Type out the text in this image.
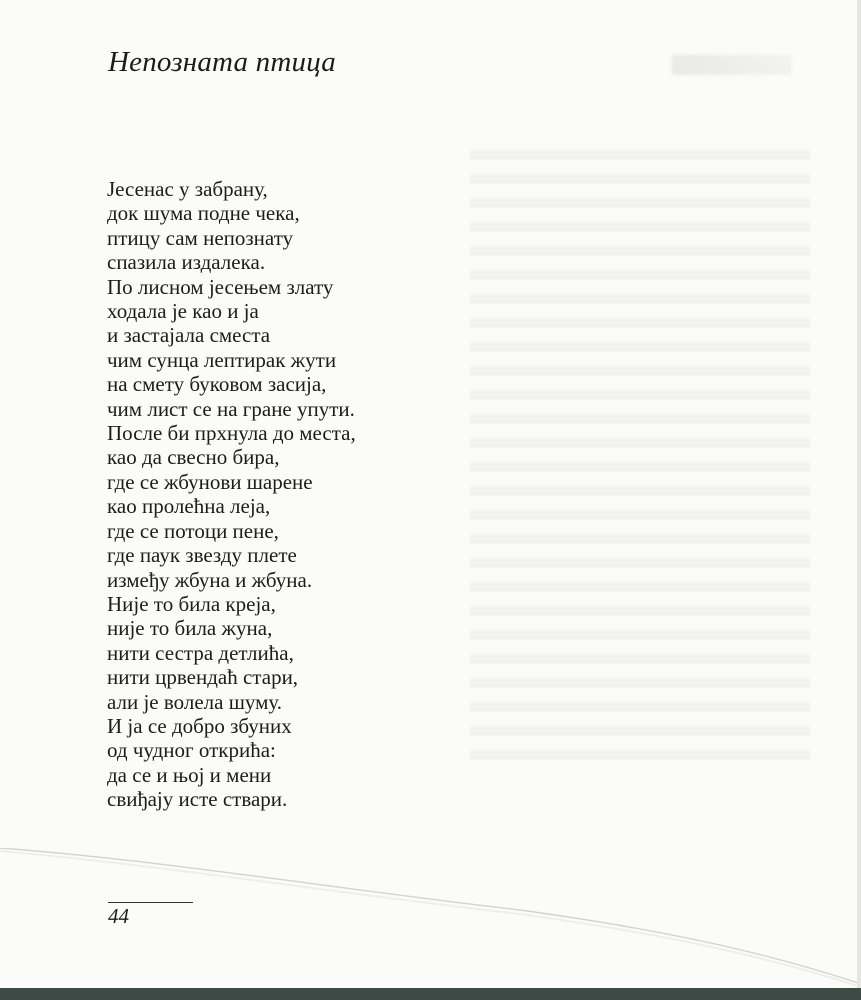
Непозната птица
Јесенас у забрану,
док шума подне чека,
птицу сам непознату
спазила издалека.
По лисном јесењем злату
ходала је као и ја
и застајала сместа
чим сунца лептирак жути
на смету буковом засија,
чим лист се на гране упути.
После би прхнула до места,
као да свесно бира,
где се жбунови шарене
као пролећна леја,
где се потоци пене,
где паук звезду плете
између жбуна и жбуна.
Није то била креја,
није то била жуна,
нити сестра детлића,
нити црвендаћ стари,
али је волела шуму.
И ја се добро збуних
од чудног открића:
да се и њој и мени
свиђају исте ствари.
44
